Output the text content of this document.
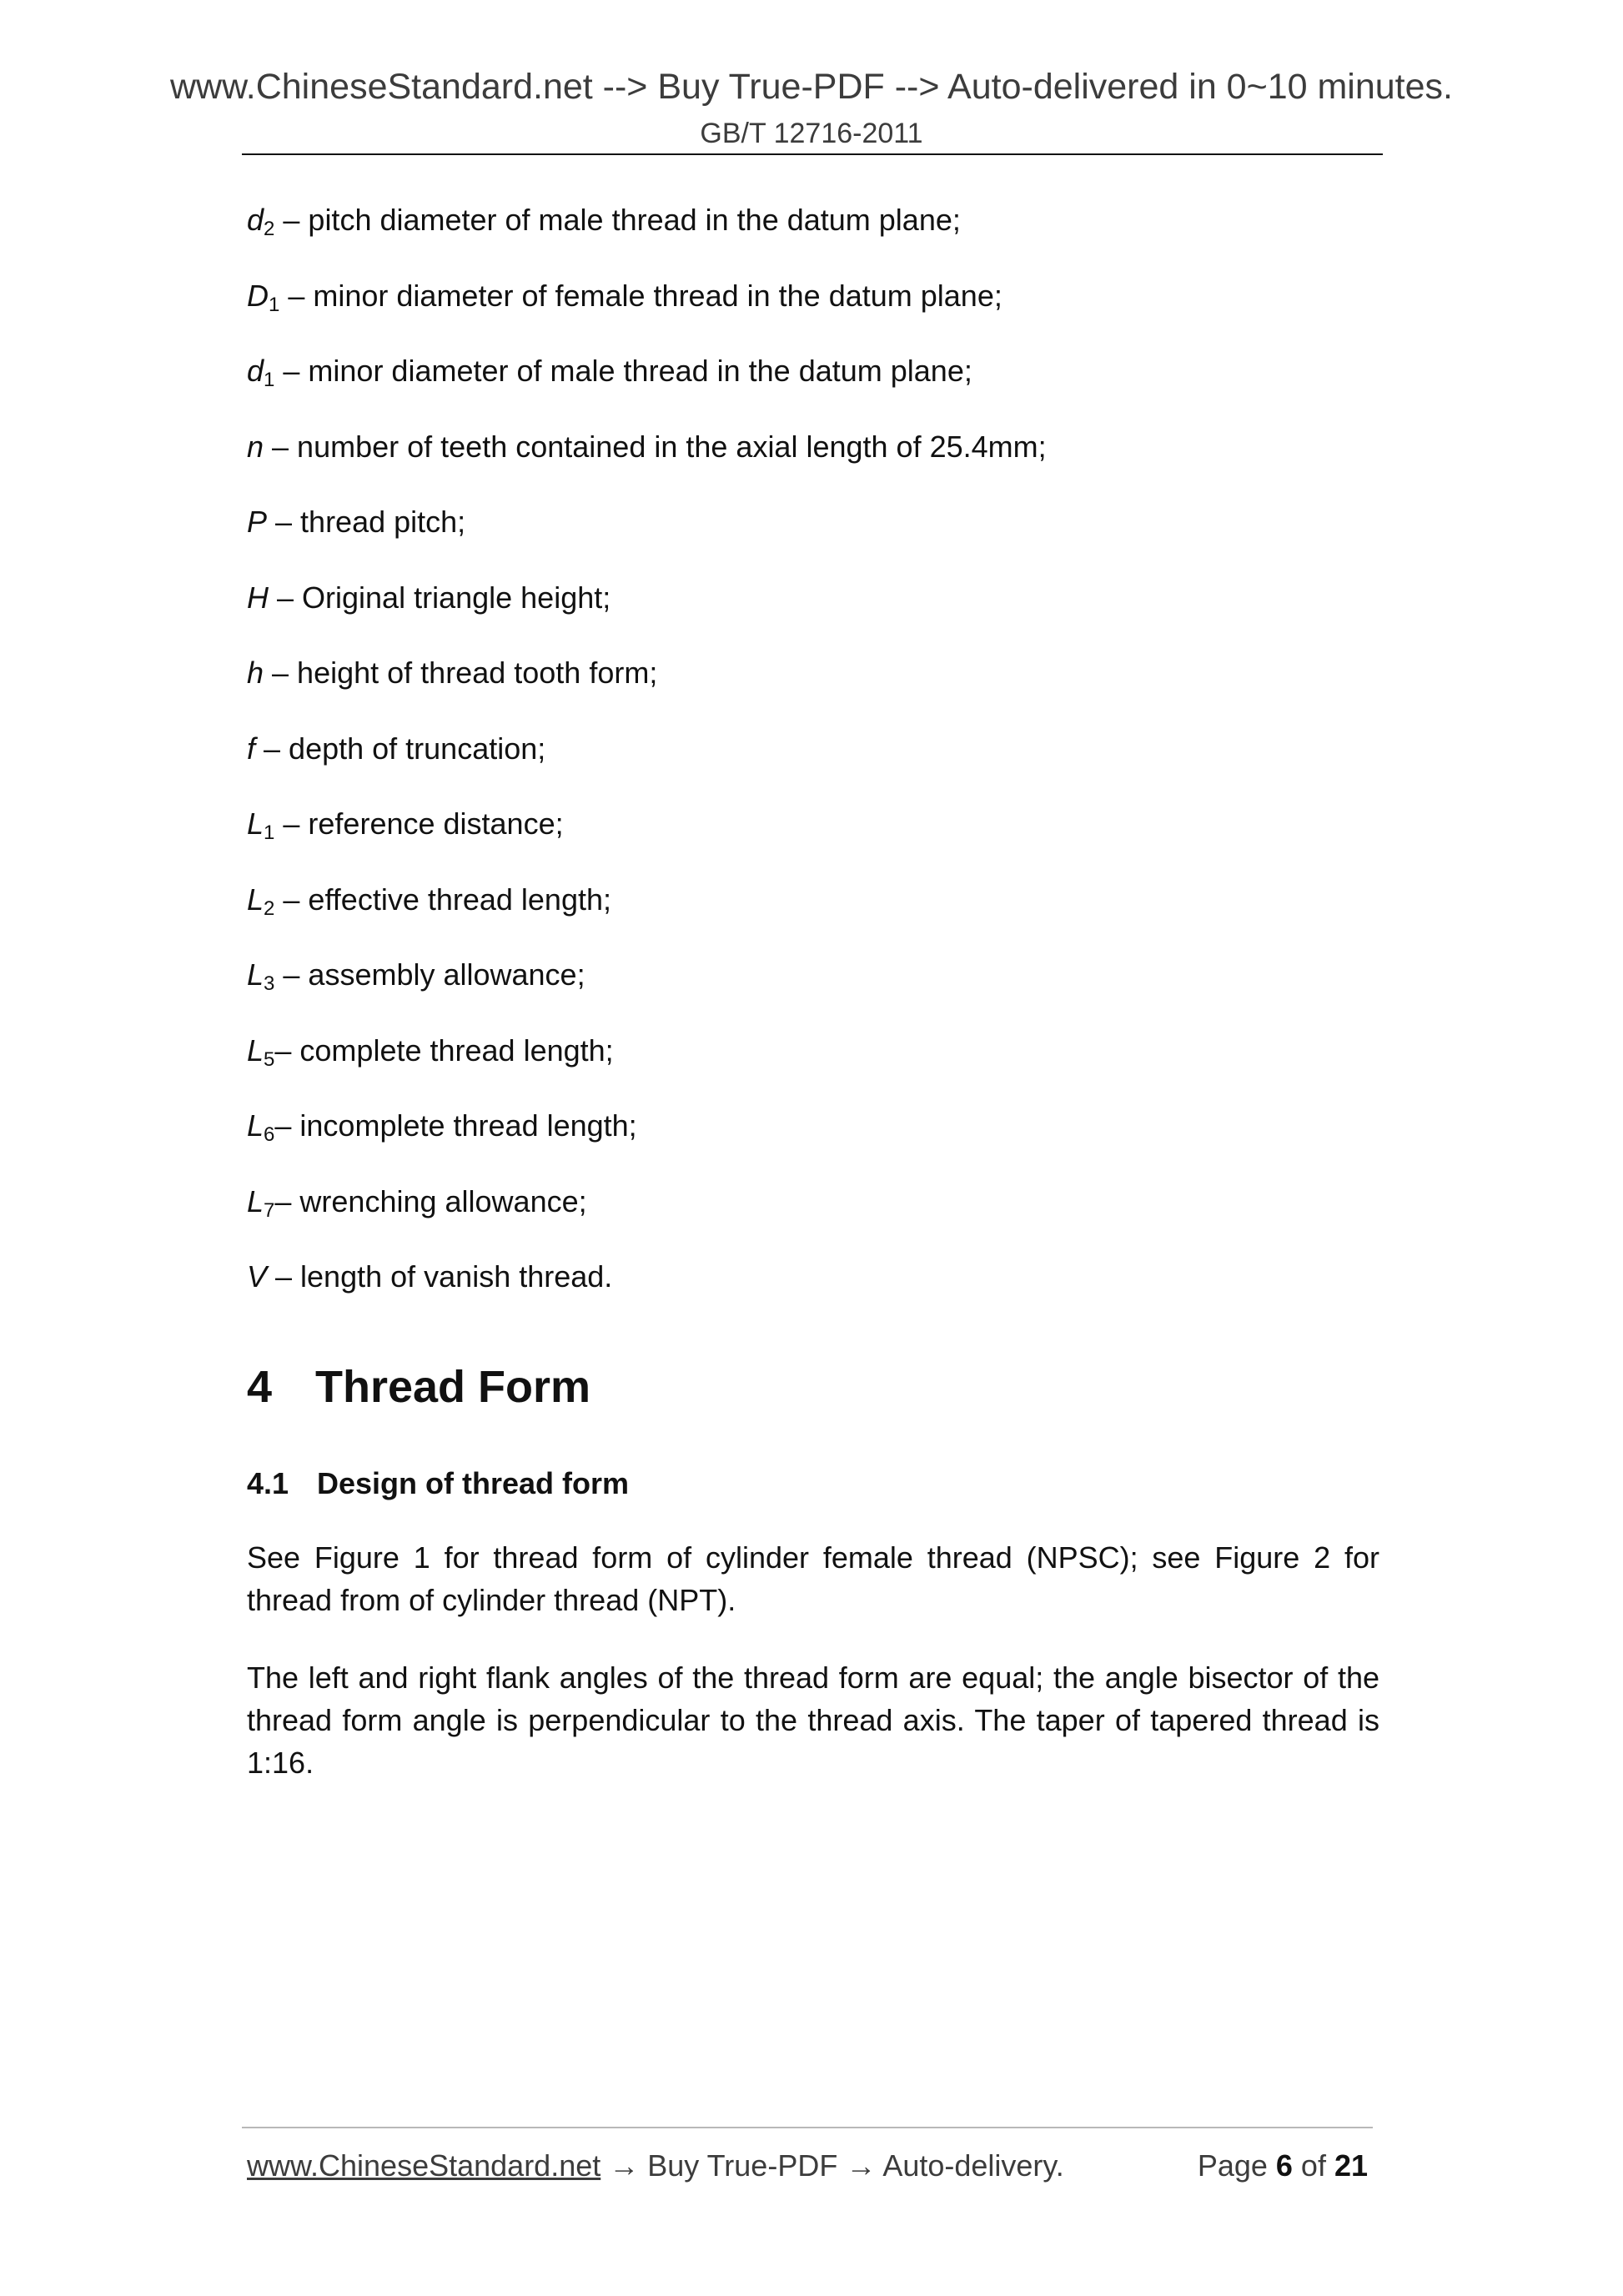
www.ChineseStandard.net --> Buy True-PDF --> Auto-delivered in 0~10 minutes.
GB/T 12716-2011
$d_2$ – pitch diameter of male thread in the datum plane;
$D_1$ – minor diameter of female thread in the datum plane;
$d_1$ – minor diameter of male thread in the datum plane;
n – number of teeth contained in the axial length of 25.4mm;
P – thread pitch;
H – Original triangle height;
h – height of thread tooth form;
f – depth of truncation;
$L_1$ – reference distance;
$L_2$ – effective thread length;
$L_3$ – assembly allowance;
$L_5-$ complete thread length;
$L_6-$ incomplete thread length;
$L_7-$ wrenching allowance;
V – length of vanish thread.
4 Thread Form
4.1 Design of thread form

See Figure 1 for thread form of cylinder female thread (NPSC); see Figure 2 for thread from of cylinder thread (NPT).

The left and right flank angles of the thread form are equal; the angle bisector of the thread form angle is perpendicular to the thread axis. The taper of tapered thread is 1:16.

www.ChineseStandard.net → Buy True-PDF → Auto-delivery.	Page 6 of 21
